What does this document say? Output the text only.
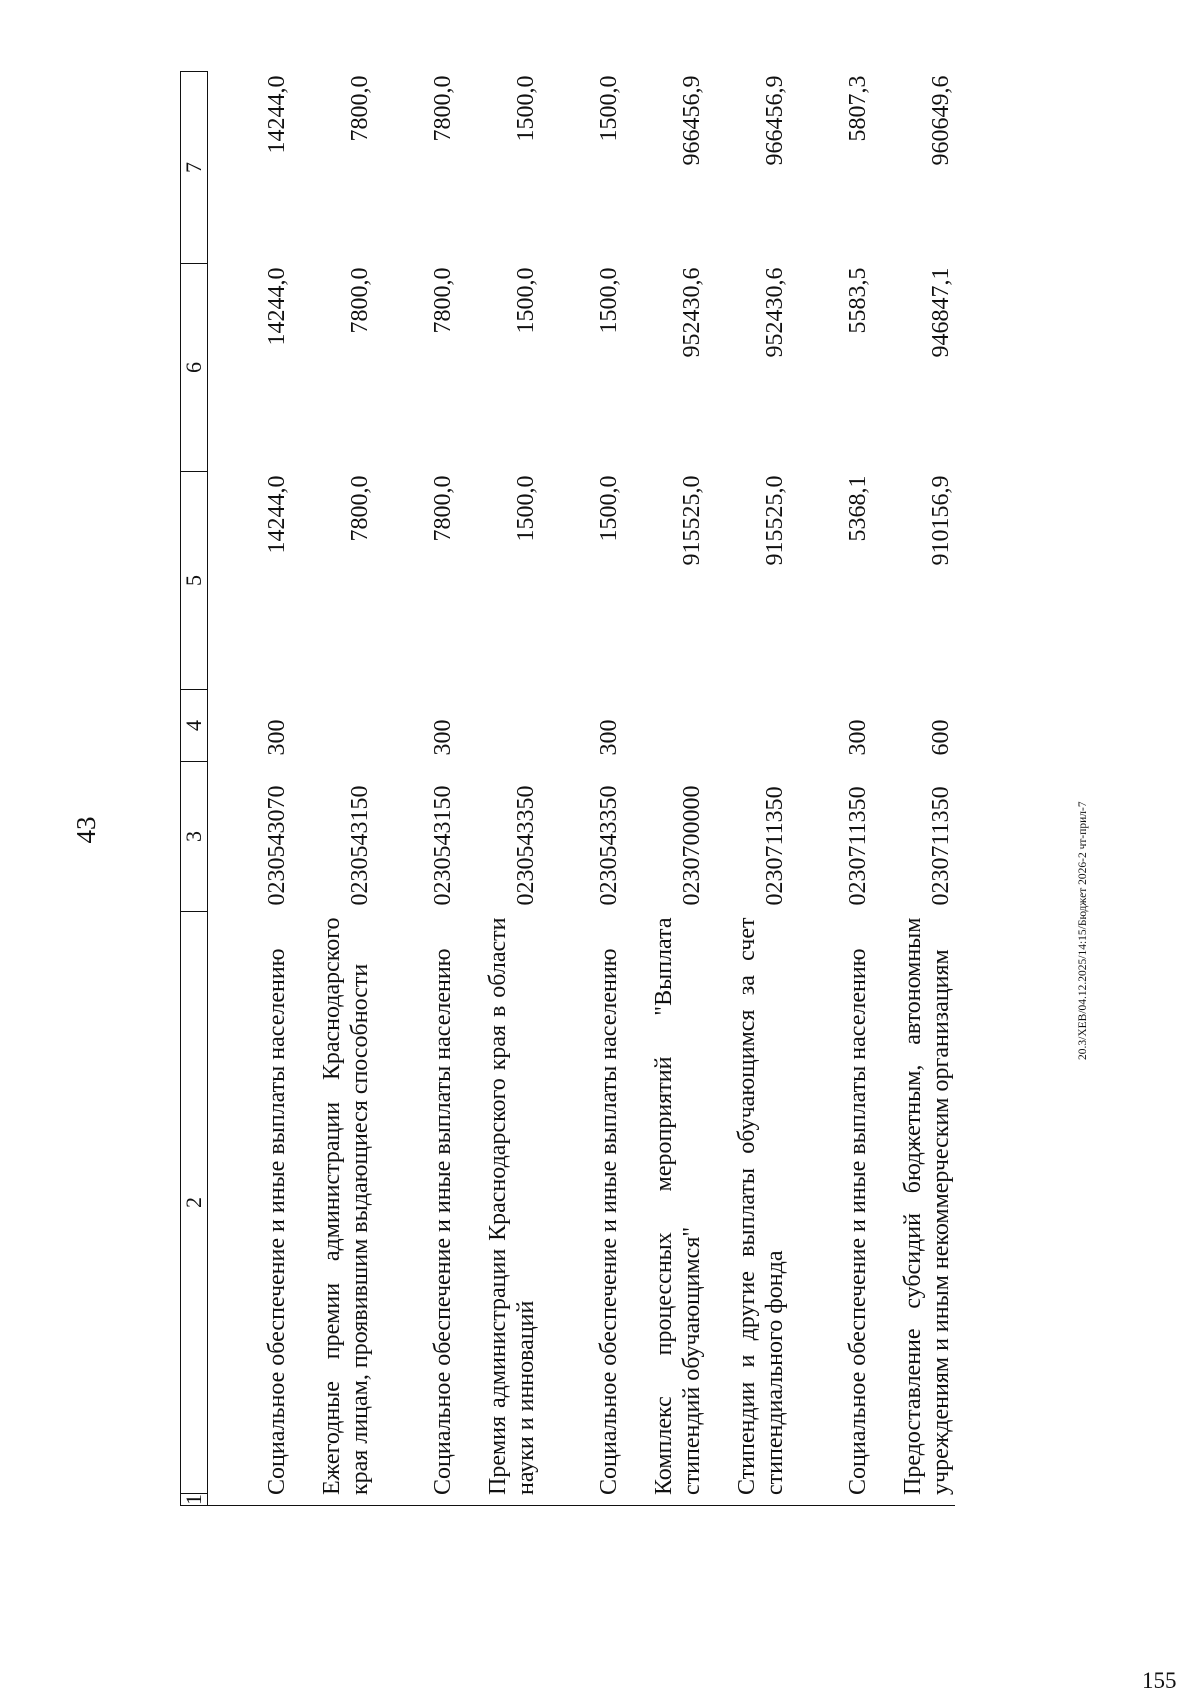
43
155
20.3/ХЕВ/04.12.2025/14:15/Бюджет 2026-2 чт-прил-7
1	2	3	4	5	6	7
Социальное обеспечение и иные выплаты населению		0230543070	300	14244,0	14244,0	14244,0
Ежегодные премии администрации Краснодарского края лицам, проявившим выдающиеся способности		0230543150		7800,0	7800,0	7800,0
Социальное обеспечение и иные выплаты населению		0230543150	300	7800,0	7800,0	7800,0
Премия администрации Краснодарского края в области науки и инноваций		0230543350		1500,0	1500,0	1500,0
Социальное обеспечение и иные выплаты населению		0230543350	300	1500,0	1500,0	1500,0
Комплекс процессных мероприятий "Выплата стипендий обучающимся"		0230700000		915525,0	952430,6	966456,9
Стипендии и другие выплаты обучающимся за счет стипендиального фонда		0230711350		915525,0	952430,6	966456,9
Социальное обеспечение и иные выплаты населению		0230711350	300	5368,1	5583,5	5807,3
Предоставление субсидий бюджетным, автономным учреждениям и иным некоммерческим организациям		0230711350	600	910156,9	946847,1	960649,6
